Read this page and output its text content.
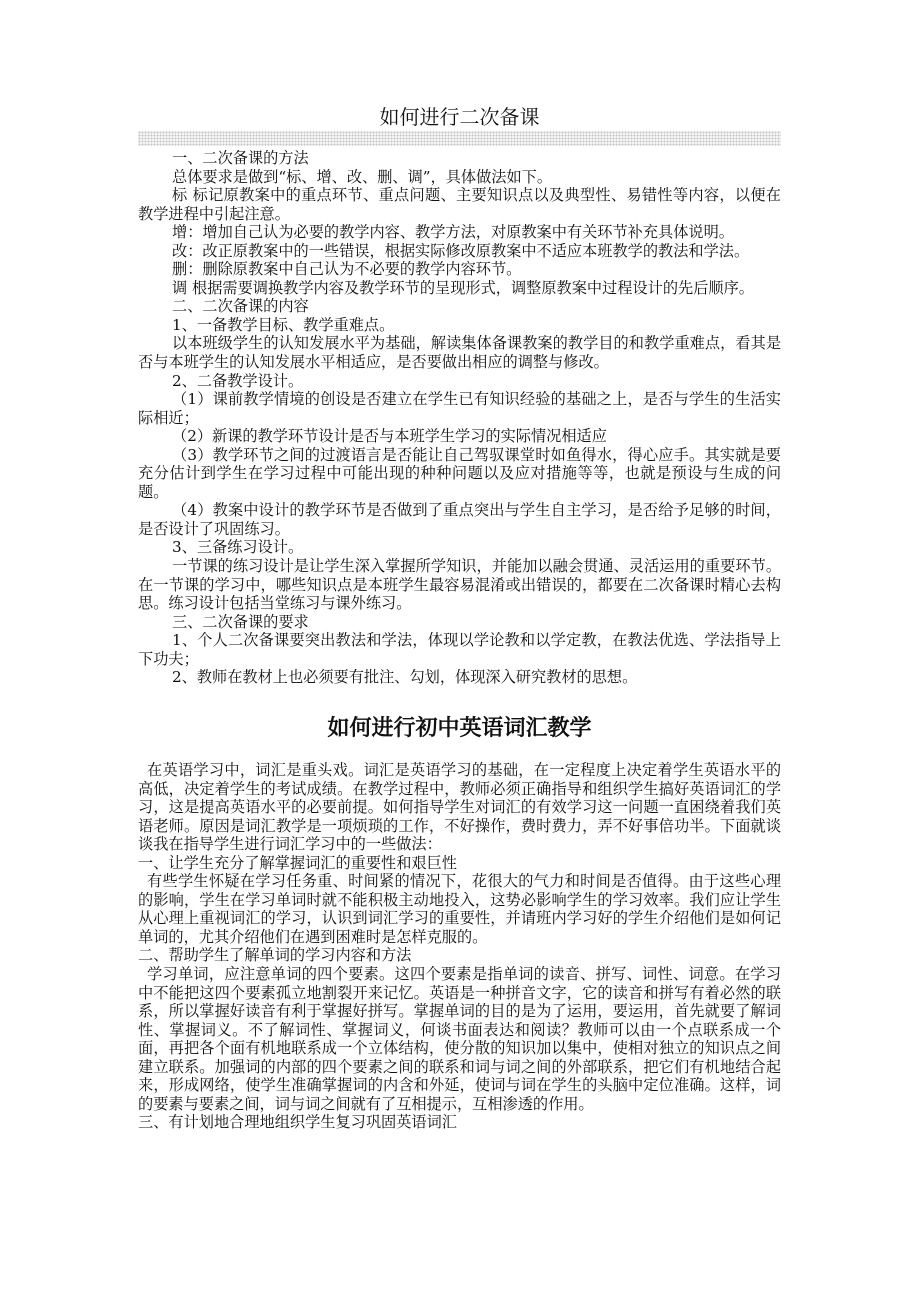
如何进行二次备课

一、二次备课的方法

总体要求是做到“标、增、改、删、调”，具体做法如下。

标 标记原教案中的重点环节、重点问题、主要知识点以及典型性、易错性等内容，以便在教学进程中引起注意。

增：增加自己认为必要的教学内容、教学方法，对原教案中有关环节补充具体说明。

改：改正原教案中的一些错误，根据实际修改原教案中不适应本班教学的教法和学法。

删：删除原教案中自己认为不必要的教学内容环节。

调 根据需要调换教学内容及教学环节的呈现形式，调整原教案中过程设计的先后顺序。

二、二次备课的内容

1、一备教学目标、教学重难点。

以本班级学生的认知发展水平为基础，解读集体备课教案的教学目的和教学重难点，看其是否与本班学生的认知发展水平相适应，是否要做出相应的调整与修改。

2、二备教学设计。

（1）课前教学情境的创设是否建立在学生已有知识经验的基础之上，是否与学生的生活实际相近；

（2）新课的教学环节设计是否与本班学生学习的实际情况相适应

（3）教学环节之间的过渡语言是否能让自己驾驭课堂时如鱼得水，得心应手。其实就是要充分估计到学生在学习过程中可能出现的种种问题以及应对措施等等，也就是预设与生成的问题。

（4）教案中设计的教学环节是否做到了重点突出与学生自主学习，是否给予足够的时间，是否设计了巩固练习。

3、三备练习设计。

一节课的练习设计是让学生深入掌握所学知识，并能加以融会贯通、灵活运用的重要环节。在一节课的学习中，哪些知识点是本班学生最容易混淆或出错误的，都要在二次备课时精心去构思。练习设计包括当堂练习与课外练习。

三、二次备课的要求

1、个人二次备课要突出教法和学法，体现以学论教和以学定教，在教法优选、学法指导上下功夫；

2、教师在教材上也必须要有批注、勾划，体现深入研究教材的思想。

如何进行初中英语词汇教学

在英语学习中，词汇是重头戏。词汇是英语学习的基础，在一定程度上决定着学生英语水平的高低，决定着学生的考试成绩。在教学过程中，教师必须正确指导和组织学生搞好英语词汇的学习，这是提高英语水平的必要前提。如何指导学生对词汇的有效学习这一问题一直困绕着我们英语老师。原因是词汇教学是一项烦琐的工作，不好操作，费时费力，弄不好事倍功半。下面就谈谈我在指导学生进行词汇学习中的一些做法：

一、让学生充分了解掌握词汇的重要性和艰巨性

有些学生怀疑在学习任务重、时间紧的情况下，花很大的气力和时间是否值得。由于这些心理的影响，学生在学习单词时就不能积极主动地投入，这势必影响学生的学习效率。我们应让学生从心理上重视词汇的学习，认识到词汇学习的重要性，并请班内学习好的学生介绍他们是如何记单词的，尤其介绍他们在遇到困难时是怎样克服的。

二、帮助学生了解单词的学习内容和方法

学习单词，应注意单词的四个要素。这四个要素是指单词的读音、拼写、词性、词意。在学习中不能把这四个要素孤立地割裂开来记忆。英语是一种拼音文字，它的读音和拼写有着必然的联系，所以掌握好读音有利于掌握好拼写。掌握单词的目的是为了运用，要运用，首先就要了解词性、掌握词义。不了解词性、掌握词义，何谈书面表达和阅读？教师可以由一个点联系成一个面，再把各个面有机地联系成一个立体结构，使分散的知识加以集中，使相对独立的知识点之间建立联系。加强词的内部的四个要素之间的联系和词与词之间的外部联系，把它们有机地结合起来，形成网络，使学生准确掌握词的内含和外延，使词与词在学生的头脑中定位准确。这样，词的要素与要素之间，词与词之间就有了互相提示，互相渗透的作用。

三、有计划地合理地组织学生复习巩固英语词汇
